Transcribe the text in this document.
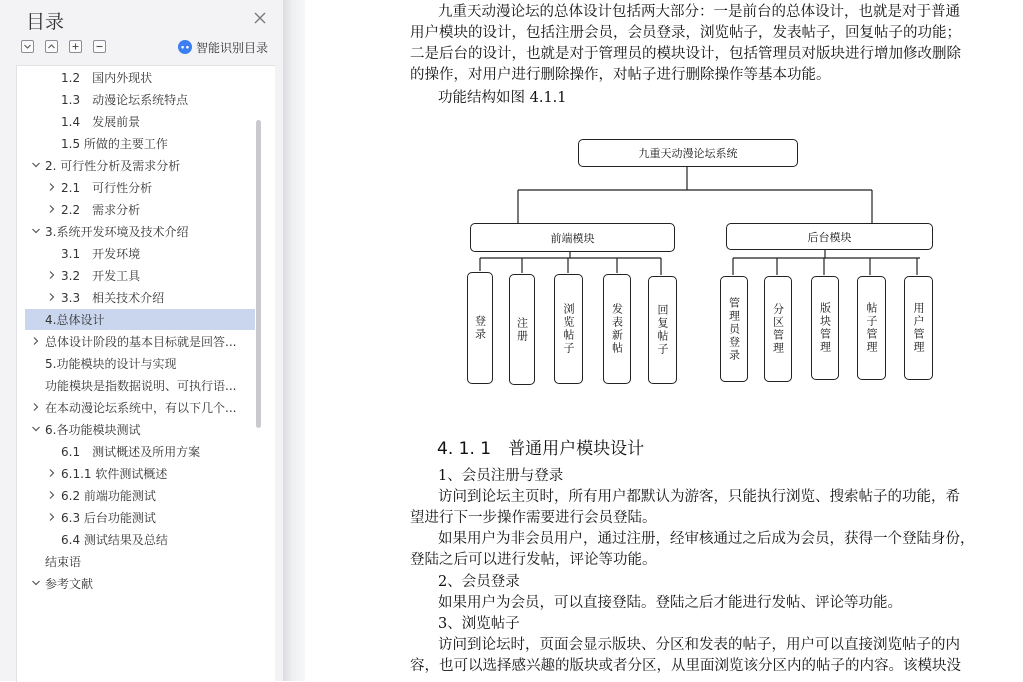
目录
智能识别目录
1.2　国内外现状
1.3　动漫论坛系统特点
1.4　发展前景
1.5 所做的主要工作
2. 可行性分析及需求分析
2.1　可行性分析
2.2　需求分析
3.系统开发环境及技术介绍
3.1　开发环境
3.2　开发工具
3.3　相关技术介绍
4.总体设计
总体设计阶段的基本目标就是回答...
5.功能模块的设计与实现
功能模块是指数据说明、可执行语...
在本动漫论坛系统中，有以下几个...
6.各功能模块测试
6.1　测试概述及所用方案
6.1.1 软件测试概述
6.2 前端功能测试
6.3 后台功能测试
6.4 测试结果及总结
结束语
参考文献
九重天动漫论坛的总体设计包括两大部分：一是前台的总体设计，也就是对于普通
用户模块的设计，包括注册会员，会员登录，浏览帖子，发表帖子，回复帖子的功能；
二是后台的设计，也就是对于管理员的模块设计，包括管理员对版块进行增加修改删除
的操作，对用户进行删除操作，对帖子进行删除操作等基本功能。
功能结构如图 4.1.1
九重天动漫论坛系统
前端模块	后台模块
登录	注册	浏览帖子	发表新帖	回复帖子	管理员登录	分区管理	版块管理	帖子管理	用户管理
4. 1. 1　普通用户模块设计
1、会员注册与登录
访问到论坛主页时，所有用户都默认为游客，只能执行浏览、搜索帖子的功能，希
望进行下一步操作需要进行会员登陆。
如果用户为非会员用户，通过注册，经审核通过之后成为会员，获得一个登陆身份，
登陆之后可以进行发帖，评论等功能。
2、会员登录
如果用户为会员，可以直接登陆。登陆之后才能进行发帖、评论等功能。
3、浏览帖子
访问到论坛时，页面会显示版块、分区和发表的帖子，用户可以直接浏览帖子的内
容，也可以选择感兴趣的版块或者分区，从里面浏览该分区内的帖子的内容。该模块没
